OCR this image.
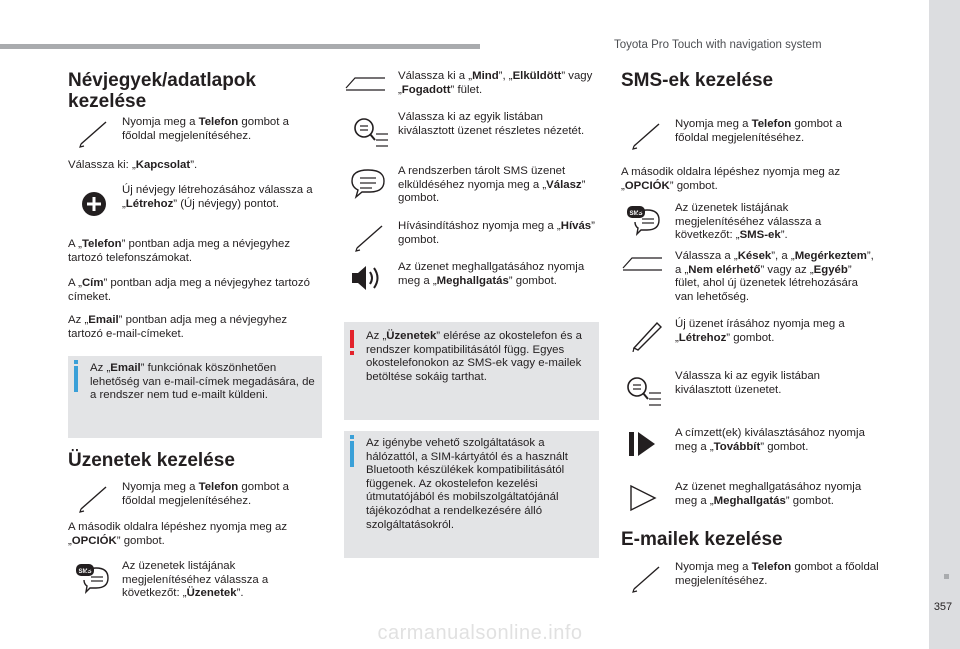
Toyota Pro Touch with navigation system
357
Névjegyek/adatlapok kezelése
Nyomja meg a Telefon gombot a főoldal megjelenítéséhez.
Válassza ki: „Kapcsolat”.
Új névjegy létrehozásához válassza a „Létrehoz” (Új névjegy) pontot.
A „Telefon” pontban adja meg a névjegyhez tartozó telefonszámokat.
A „Cím” pontban adja meg a névjegyhez tartozó címeket.
Az „Email” pontban adja meg a névjegyhez tartozó e-mail-címeket.
Az „Email” funkciónak köszönhetően lehetőség van e-mail-címek megadására, de a rendszer nem tud e-mailt küldeni.
Üzenetek kezelése
Nyomja meg a Telefon gombot a főoldal megjelenítéséhez.
A második oldalra lépéshez nyomja meg az „OPCIÓK” gombot.
SMS	Az üzenetek listájának megjelenítéséhez válassza a következőt: „Üzenetek”.
Válassza ki a „Mind”, „Elküldött” vagy „Fogadott” fület.
Válassza ki az egyik listában kiválasztott üzenet részletes nézetét.
A rendszerben tárolt SMS üzenet elküldéséhez nyomja meg a „Válasz” gombot.
Hívásindításhoz nyomja meg a „Hívás” gombot.
Az üzenet meghallgatásához nyomja meg a „Meghallgatás” gombot.
Az „Üzenetek” elérése az okostelefon és a rendszer kompatibilitásától függ. Egyes okostelefonokon az SMS-ek vagy e-mailek betöltése sokáig tarthat.
Az igénybe vehető szolgáltatások a hálózattól, a SIM-kártyától és a használt Bluetooth készülékek kompatibilitásától függenek. Az okostelefon kezelési útmutatójából és mobilszolgáltatójánál tájékozódhat a rendelkezésére álló szolgáltatásokról.
SMS-ek kezelése
Nyomja meg a Telefon gombot a főoldal megjelenítéséhez.
A második oldalra lépéshez nyomja meg az „OPCIÓK” gombot.
SMS	Az üzenetek listájának megjelenítéséhez válassza a következőt: „SMS-ek”.
Válassza a „Kések”, a „Megérkeztem”, a „Nem elérhető” vagy az „Egyéb” fület, ahol új üzenetek létrehozására van lehetőség.
Új üzenet írásához nyomja meg a „Létrehoz” gombot.
Válassza ki az egyik listában kiválasztott üzenetet.
A címzett(ek) kiválasztásához nyomja meg a „Továbbít” gombot.
Az üzenet meghallgatásához nyomja meg a „Meghallgatás” gombot.
E-mailek kezelése
Nyomja meg a Telefon gombot a főoldal megjelenítéséhez.
carmanualsonline.info
